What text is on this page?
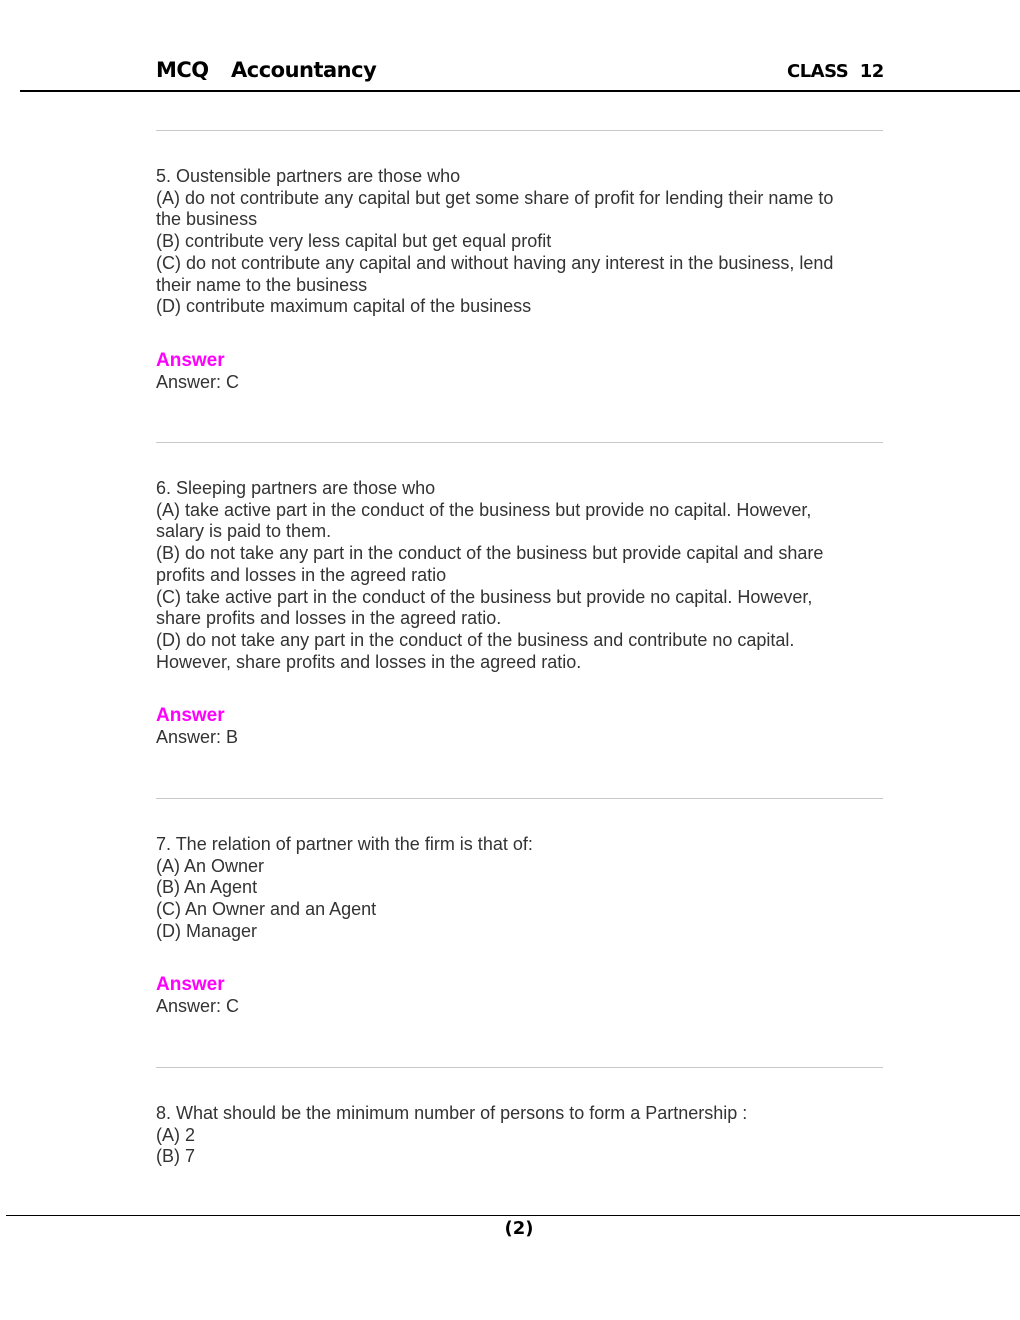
MCQ Accountancy	CLASS  12
5. Oustensible partners are those who
(A) do not contribute any capital but get some share of profit for lending their name to
the business
(B) contribute very less capital but get equal profit
(C) do not contribute any capital and without having any interest in the business, lend
their name to the business
(D) contribute maximum capital of the business
Answer
Answer: C
6. Sleeping partners are those who
(A) take active part in the conduct of the business but provide no capital. However,
salary is paid to them.
(B) do not take any part in the conduct of the business but provide capital and share
profits and losses in the agreed ratio
(C) take active part in the conduct of the business but provide no capital. However,
share profits and losses in the agreed ratio.
(D) do not take any part in the conduct of the business and contribute no capital.
However, share profits and losses in the agreed ratio.
Answer
Answer: B
7. The relation of partner with the firm is that of:
(A) An Owner
(B) An Agent
(C) An Owner and an Agent
(D) Manager
Answer
Answer: C
8. What should be the minimum number of persons to form a Partnership :
(A) 2
(B) 7
(2)
